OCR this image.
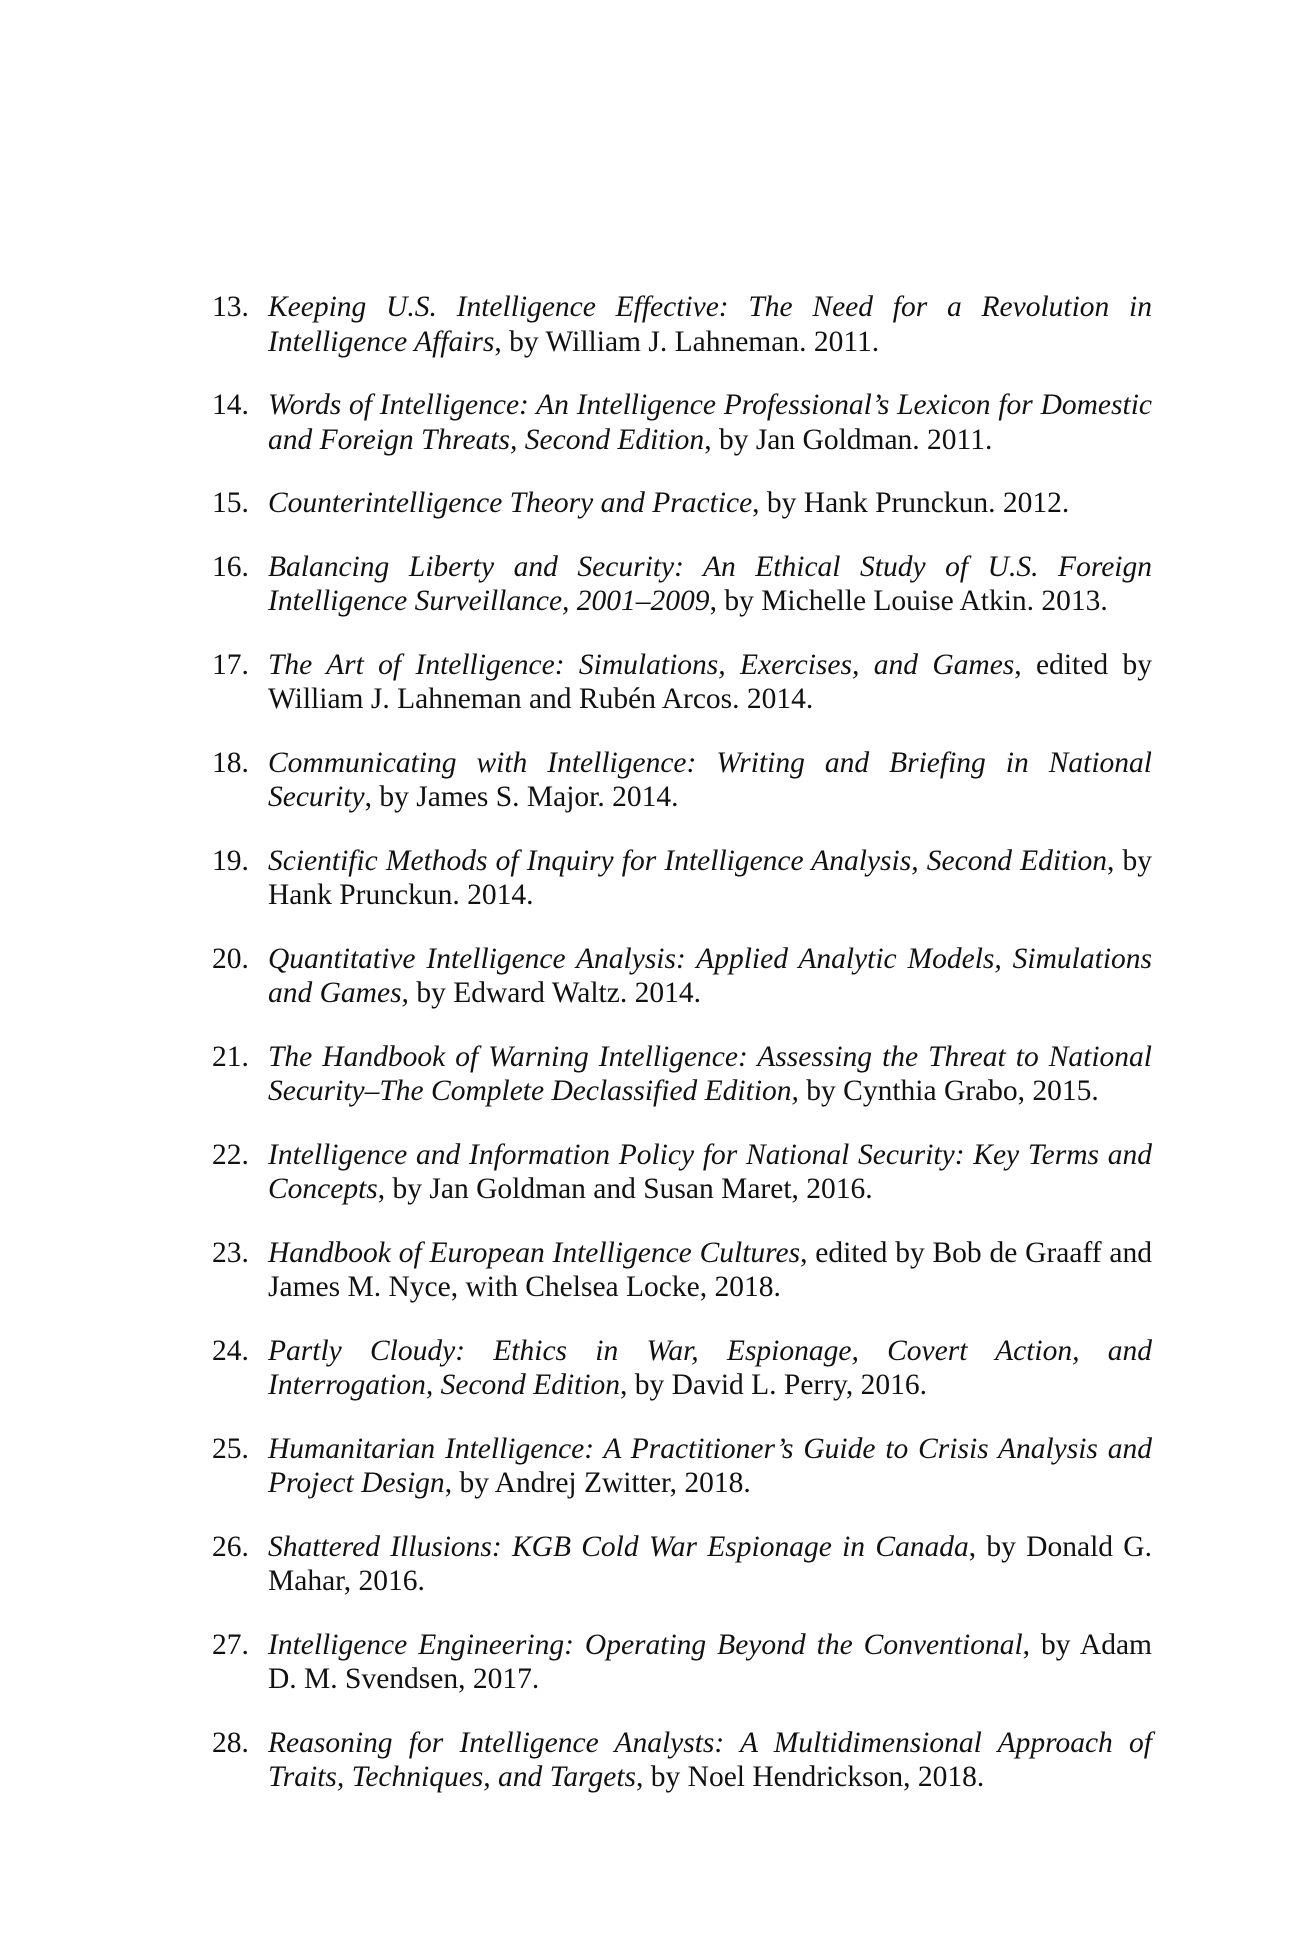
13. Keeping U.S. Intelligence Effective: The Need for a Revolution in Intelligence Affairs, by William J. Lahneman. 2011.
14. Words of Intelligence: An Intelligence Professional’s Lexicon for Domestic and Foreign Threats, Second Edition, by Jan Goldman. 2011.
15. Counterintelligence Theory and Practice, by Hank Prunckun. 2012.
16. Balancing Liberty and Security: An Ethical Study of U.S. Foreign Intelligence Surveillance, 2001–2009, by Michelle Louise Atkin. 2013.
17. The Art of Intelligence: Simulations, Exercises, and Games, edited by William J. Lahneman and Rubén Arcos. 2014.
18. Communicating with Intelligence: Writing and Briefing in National Security, by James S. Major. 2014.
19. Scientific Methods of Inquiry for Intelligence Analysis, Second Edition, by Hank Prunckun. 2014.
20. Quantitative Intelligence Analysis: Applied Analytic Models, Simulations and Games, by Edward Waltz. 2014.
21. The Handbook of Warning Intelligence: Assessing the Threat to National Security–The Complete Declassified Edition, by Cynthia Grabo, 2015.
22. Intelligence and Information Policy for National Security: Key Terms and Concepts, by Jan Goldman and Susan Maret, 2016.
23. Handbook of European Intelligence Cultures, edited by Bob de Graaff and James M. Nyce, with Chelsea Locke, 2018.
24. Partly Cloudy: Ethics in War, Espionage, Covert Action, and Interrogation, Second Edition, by David L. Perry, 2016.
25. Humanitarian Intelligence: A Practitioner’s Guide to Crisis Analysis and Project Design, by Andrej Zwitter, 2018.
26. Shattered Illusions: KGB Cold War Espionage in Canada, by Donald G. Mahar, 2016.
27. Intelligence Engineering: Operating Beyond the Conventional, by Adam D. M. Svendsen, 2017.
28. Reasoning for Intelligence Analysts: A Multidimensional Approach of Traits, Techniques, and Targets, by Noel Hendrickson, 2018.
